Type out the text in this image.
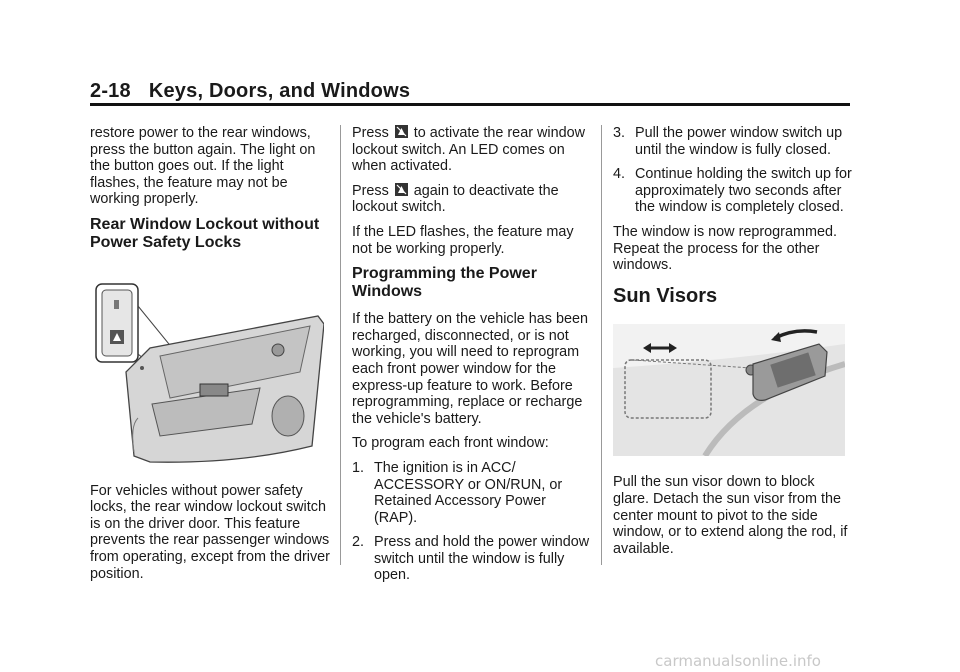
2-18 Keys, Doors, and Windows

restore power to the rear windows, press the button again. The light on the button goes out. If the light flashes, the feature may not be working properly.

Rear Window Lockout without Power Safety Locks

For vehicles without power safety locks, the rear window lockout switch is on the driver door. This feature prevents the rear passenger windows from operating, except from the driver position.

Press to activate the rear window lockout switch. An LED comes on when activated.

Press again to deactivate the lockout switch.

If the LED flashes, the feature may not be working properly.

Programming the Power Windows

If the battery on the vehicle has been recharged, disconnected, or is not working, you will need to reprogram each front power window for the express-up feature to work. Before reprogramming, replace or recharge the vehicle's battery.

To program each front window:

1. The ignition is in ACC/ ACCESSORY or ON/RUN, or Retained Accessory Power (RAP).
2. Press and hold the power window switch until the window is fully open.
3. Pull the power window switch up until the window is fully closed.
4. Continue holding the switch up for approximately two seconds after the window is completely closed.

The window is now reprogrammed. Repeat the process for the other windows.

Sun Visors

Pull the sun visor down to block glare. Detach the sun visor from the center mount to pivot to the side window, or to extend along the rod, if available.

carmanualsonline.info
